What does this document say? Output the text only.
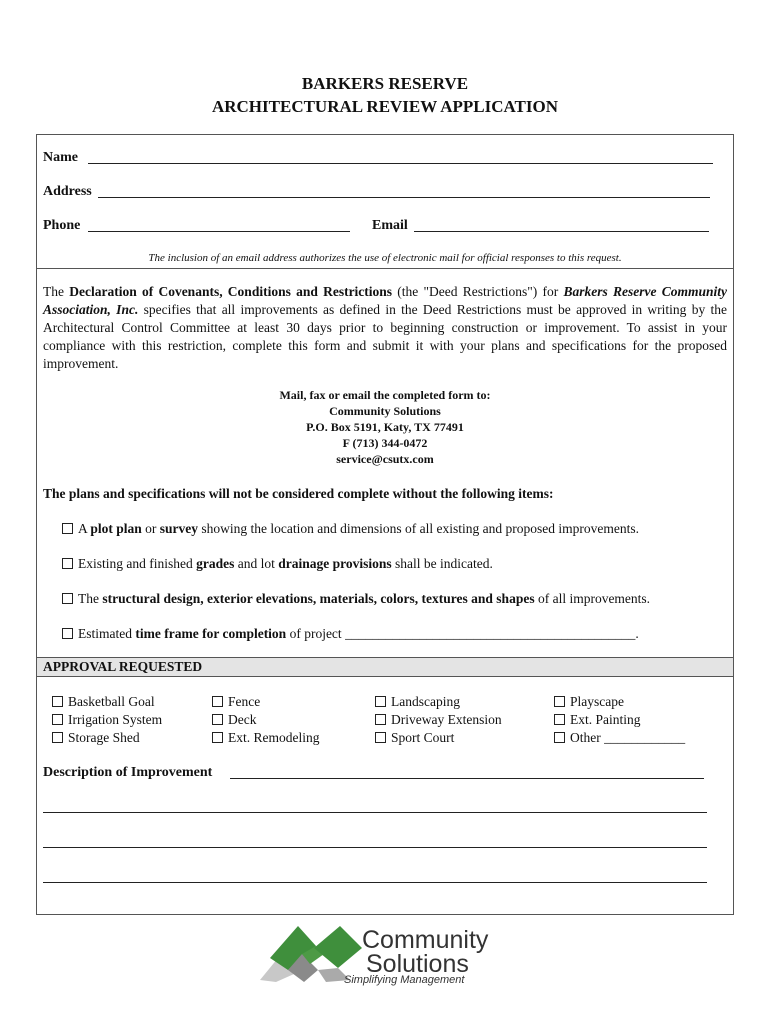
BARKERS RESERVE
ARCHITECTURAL REVIEW APPLICATION
Name
Address
Phone	Email
The inclusion of an email address authorizes the use of electronic mail for official responses to this request.
The Declaration of Covenants, Conditions and Restrictions (the "Deed Restrictions") for Barkers Reserve Community Association, Inc. specifies that all improvements as defined in the Deed Restrictions must be approved in writing by the Architectural Control Committee at least 30 days prior to beginning construction or improvement. To assist in your compliance with this restriction, complete this form and submit it with your plans and specifications for the proposed improvement.
Mail, fax or email the completed form to:
Community Solutions
P.O. Box 5191, Katy, TX 77491
F (713) 344-0472
service@csutx.com
The plans and specifications will not be considered complete without the following items:
A plot plan or survey showing the location and dimensions of all existing and proposed improvements.
Existing and finished grades and lot drainage provisions shall be indicated.
The structural design, exterior elevations, materials, colors, textures and shapes of all improvements.
Estimated time frame for completion of project ___________________________________________.
APPROVAL REQUESTED
Basketball Goal
Irrigation System
Storage Shed
Fence
Deck
Ext. Remodeling
Landscaping
Driveway Extension
Sport Court
Playscape
Ext. Painting
Other ____________
Description of Improvement
Community
Solutions
Simplifying Management
